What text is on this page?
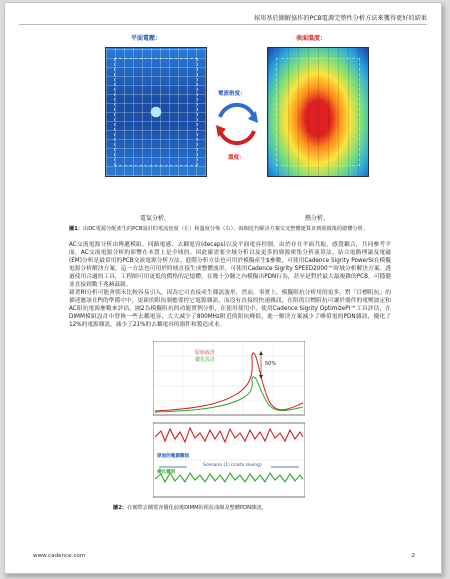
採用基於圖解協作的PCB電源完整性分析方法來獲得更好的結果
平面電壓：	表面溫度：
電流密度：
溫度：
電氣分析。	熱分析。
圖1：由DC電源分配產生的PCB設計的電流密度（左）和溫度分佈（右），兩個迭代解決方案交叉整體運算直到收斂後的總體分析。
AC交流電源分析由傳遞模組、回路電感、去耦電容(decaps)以及平面電容控制，由於存在平面共振，感覺耦合，共同參考平面，AC交流電源分析的影響在本質上是全域的。因此確需要全域分析以及更多的資源密集分析演算法，結合電路理論及電磁(EM)分析是最常用的PCB交流電源分析方法。進階分析方法也可用於模擬產生$參數，可使用Cadence Sigrity PowerSI在模擬電源分析解決方案。這一方法也可用於時域直接生成整體波形，可使用Cadence Sigrity SPEED2000™時域分析解決方案。透過使用合適的工具，工程師可用更低的價格的記憶體，在幾十分鐘之內模擬出PDN行為，甚至是對於最大最複雜的PCB，可穩健並直接到數千兆赫茲級。
藉著RI分析可能會朝未比較容易引入，因為它可直接產生雜訊波形，然而，事實上，模擬阻抗分析用的更多，對「目標阻抗」的描述應該在PI的準備中中，更新的阻抗制應要控它電源雜訊，而沒有直接的快速雜訊，在阻的目標阻抗可讓於器件的電壓波定和AC阻抗電源參數來評估。圖2為模擬阻抗的功能實例分析，在使用使用中，使用Cadence Sigrity OptimizePI™工具評估，在DIMM模組設計中替換一些去耦電容，大大減少了800MHz附近的阻抗峰值，進一解決方案減少了峰值電的PDN雜訊，優化了12%的電源雜訊，減少了21%的去耦電容的器件和製造成本。
原始設計
優化設計
50%
原始的電源雜訊
優化雜訊
Scenario (1) (costs saving)
圖2：在實際去耦電容優化前後DIMM的阻抗曲線及整體PDN雜訊。
www.cadence.com	2
